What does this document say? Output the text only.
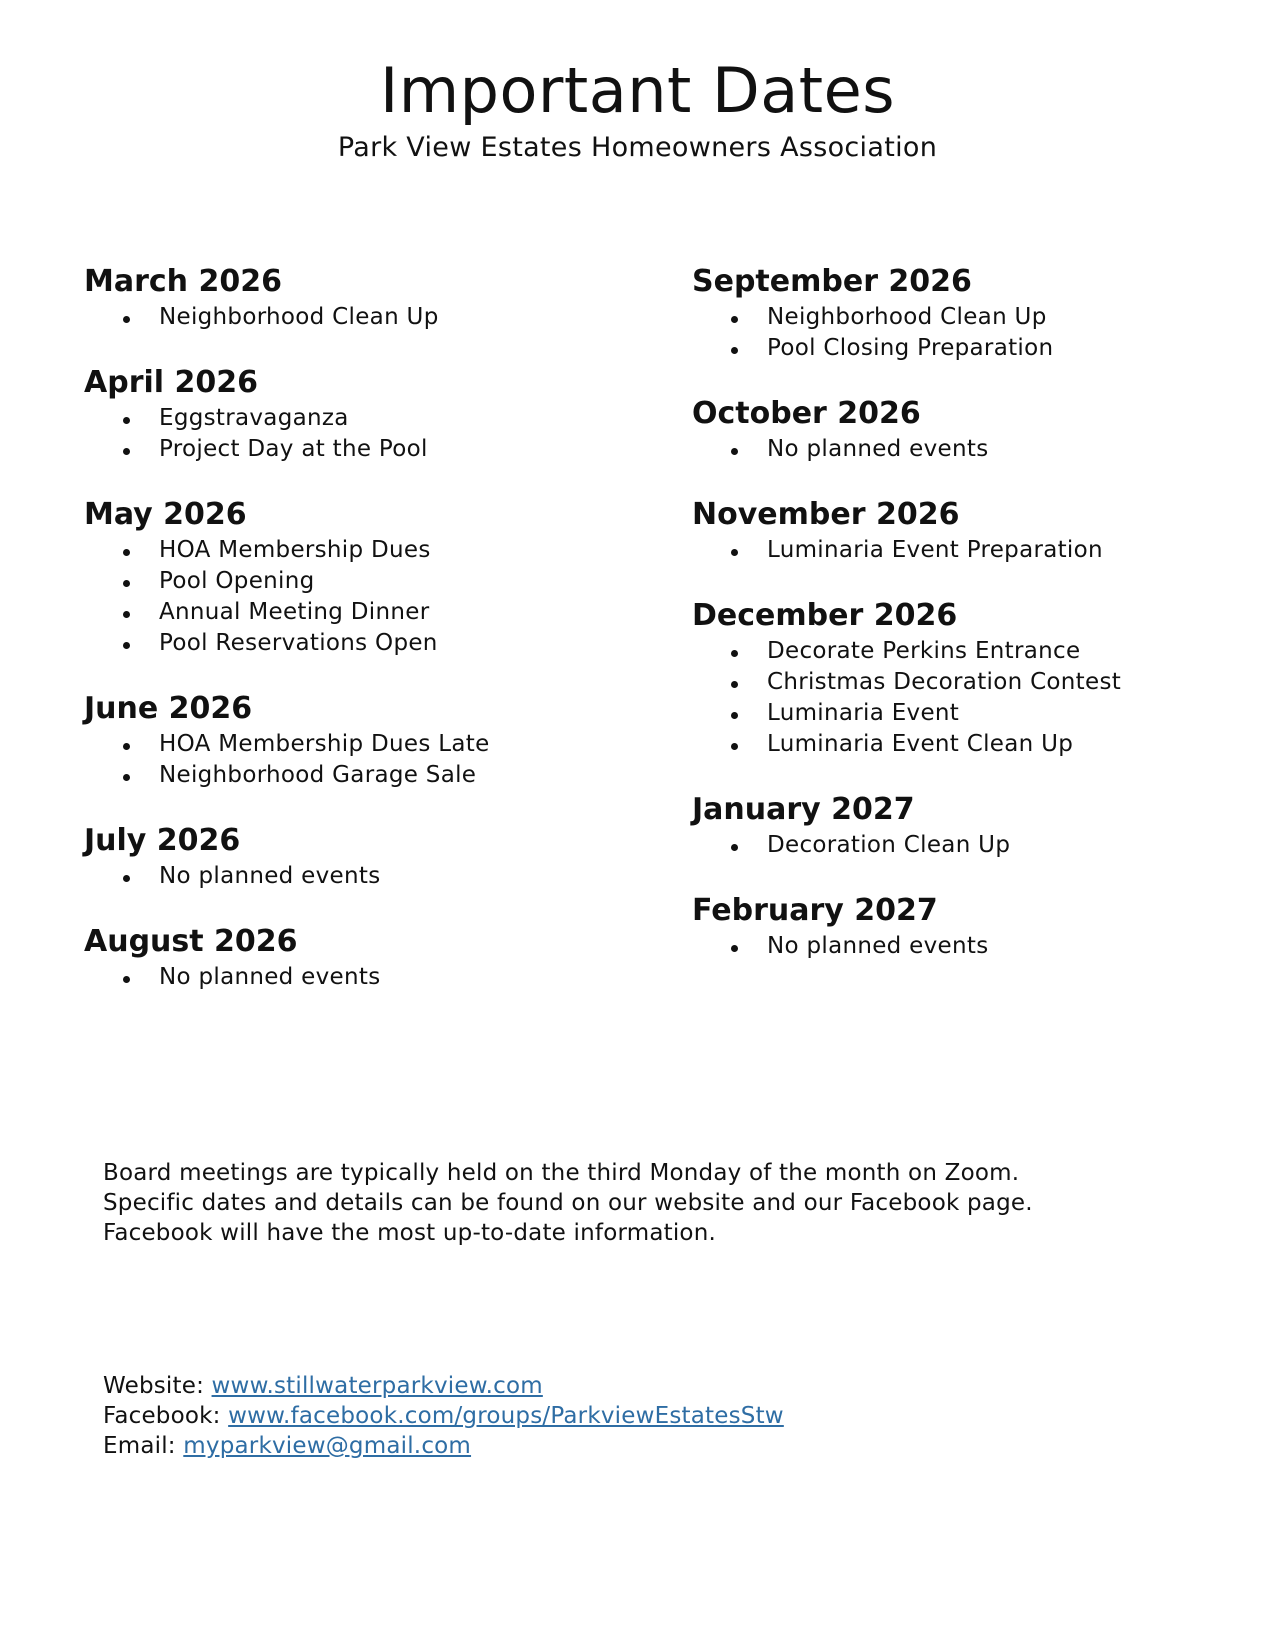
Important Dates

Park View Estates Homeowners Association

March 2026
Neighborhood Clean Up
April 2026
Eggstravaganza
Project Day at the Pool
May 2026
HOA Membership Dues
Pool Opening
Annual Meeting Dinner
Pool Reservations Open
June 2026
HOA Membership Dues Late
Neighborhood Garage Sale
July 2026
No planned events
August 2026
No planned events
September 2026
Neighborhood Clean Up
Pool Closing Preparation
October 2026
No planned events
November 2026
Luminaria Event Preparation
December 2026
Decorate Perkins Entrance
Christmas Decoration Contest
Luminaria Event
Luminaria Event Clean Up
January 2027
Decoration Clean Up
February 2027
No planned events

Board meetings are typically held on the third Monday of the month on Zoom.

Specific dates and details can be found on our website and our Facebook page.

Facebook will have the most up-to-date information.

Website: www.stillwaterparkview.com

Facebook: www.facebook.com/groups/ParkviewEstatesStw

Email: myparkview@gmail.com
